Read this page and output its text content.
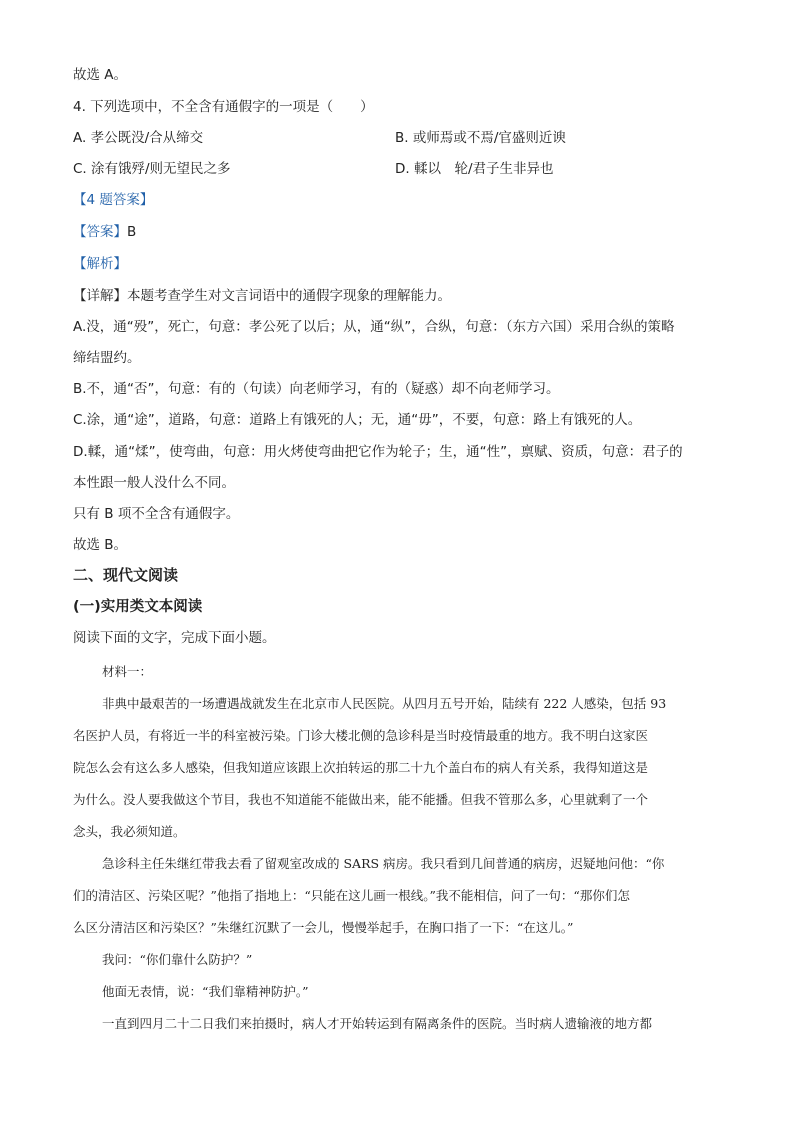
故选 A。
4. 下列选项中，不全含有通假字的一项是（　　）
A. 孝公既没/合从缔交	B. 或师焉或不焉/官盛则近谀
C. 涂有饿殍/则无望民之多	D. 輮以　轮/君子生非异也
【4 题答案】
【答案】B
【解析】
【详解】本题考查学生对文言词语中的通假字现象的理解能力。
A.没，通“殁”，死亡，句意：孝公死了以后；从，通“纵”，合纵，句意：（东方六国）采用合纵的策略
缔结盟约。
B.不，通“否”，句意：有的（句读）向老师学习，有的（疑惑）却不向老师学习。
C.涂，通“途”，道路，句意：道路上有饿死的人；无，通“毋”，不要，句意：路上有饿死的人。
D.輮，通“煣”，使弯曲，句意：用火烤使弯曲把它作为轮子；生，通“性”，禀赋、资质，句意：君子的
本性跟一般人没什么不同。
只有 B 项不全含有通假字。
故选 B。
二、现代文阅读
(一)实用类文本阅读
阅读下面的文字，完成下面小题。
材料一：
非典中最艰苦的一场遭遇战就发生在北京市人民医院。从四月五号开始，陆续有 222 人感染，包括 93
名医护人员，有将近一半的科室被污染。门诊大楼北侧的急诊科是当时疫情最重的地方。我不明白这家医
院怎么会有这么多人感染，但我知道应该跟上次拍转运的那二十九个盖白布的病人有关系，我得知道这是
为什么。没人要我做这个节目，我也不知道能不能做出来，能不能播。但我不管那么多，心里就剩了一个
念头，我必须知道。
急诊科主任朱继红带我去看了留观室改成的 SARS 病房。我只看到几间普通的病房，迟疑地问他：“你
们的清洁区、污染区呢？”他指了指地上：“只能在这儿画一根线。”我不能相信，问了一句：“那你们怎
么区分清洁区和污染区？”朱继红沉默了一会儿，慢慢举起手，在胸口指了一下：“在这儿。”
我问：“你们靠什么防护？”
他面无表情，说：“我们靠精神防护。”
一直到四月二十二日我们来拍摄时，病人才开始转运到有隔离条件的医院。当时病人遗输液的地方都
